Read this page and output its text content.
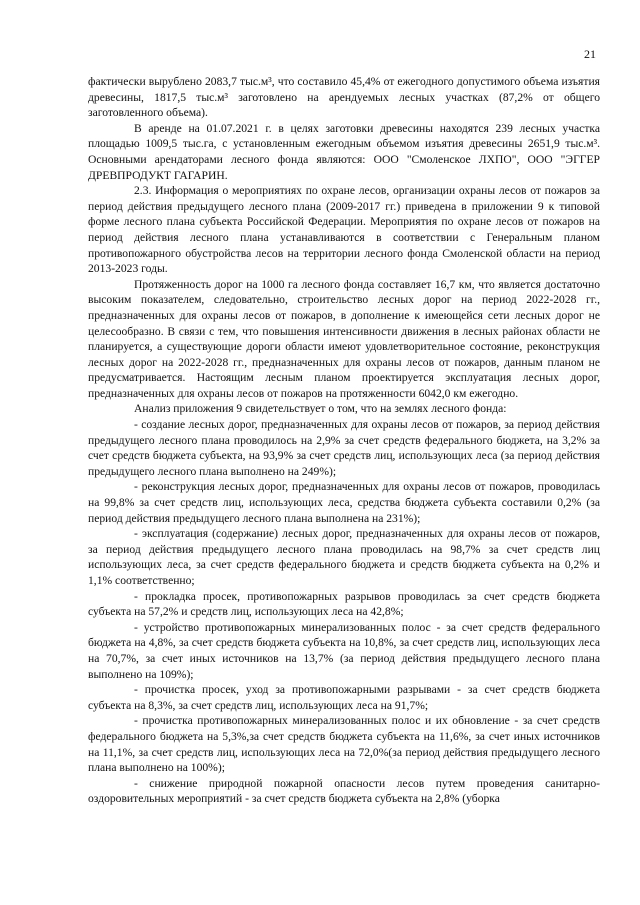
21

фактически вырублено 2083,7 тыс.м³, что составило 45,4% от ежегодного допустимого объема изъятия древесины, 1817,5 тыс.м³ заготовлено на арендуемых лесных участках (87,2% от общего заготовленного объема).

В аренде на 01.07.2021 г. в целях заготовки древесины находятся 239 лесных участка площадью 1009,5 тыс.га, с установленным ежегодным объемом изъятия древесины 2651,9 тыс.м³. Основными арендаторами лесного фонда являются: ООО "Смоленское ЛХПО", ООО "ЭГГЕР ДРЕВПРОДУКТ ГАГАРИН.

2.3. Информация о мероприятиях по охране лесов, организации охраны лесов от пожаров за период действия предыдущего лесного плана (2009-2017 гг.) приведена в приложении 9 к типовой форме лесного плана субъекта Российской Федерации. Мероприятия по охране лесов от пожаров на период действия лесного плана устанавливаются в соответствии с Генеральным планом противопожарного обустройства лесов на территории лесного фонда Смоленской области на период 2013-2023 годы.

Протяженность дорог на 1000 га лесного фонда составляет 16,7 км, что является достаточно высоким показателем, следовательно, строительство лесных дорог на период 2022-2028 гг., предназначенных для охраны лесов от пожаров, в дополнение к имеющейся сети лесных дорог не целесообразно. В связи с тем, что повышения интенсивности движения в лесных районах области не планируется, а существующие дороги области имеют удовлетворительное состояние, реконструкция лесных дорог на 2022-2028 гг., предназначенных для охраны лесов от пожаров, данным планом не предусматривается. Настоящим лесным планом проектируется эксплуатация лесных дорог, предназначенных для охраны лесов от пожаров на протяженности 6042,0 км ежегодно.

Анализ приложения 9 свидетельствует о том, что на землях лесного фонда:

- создание лесных дорог, предназначенных для охраны лесов от пожаров, за период действия предыдущего лесного плана проводилось на 2,9% за счет средств федерального бюджета, на 3,2% за счет средств бюджета субъекта, на 93,9% за счет средств лиц, использующих леса (за период действия предыдущего лесного плана выполнено на 249%);

- реконструкция лесных дорог, предназначенных для охраны лесов от пожаров, проводилась на 99,8% за счет средств лиц, использующих леса, средства бюджета субъекта составили 0,2% (за период действия предыдущего лесного плана выполнена на 231%);

- эксплуатация (содержание) лесных дорог, предназначенных для охраны лесов от пожаров, за период действия предыдущего лесного плана проводилась на 98,7% за счет средств лиц использующих леса, за счет средств федерального бюджета и средств бюджета субъекта на 0,2% и 1,1% соответственно;

- прокладка просек, противопожарных разрывов проводилась за счет средств бюджета субъекта на 57,2% и средств лиц, использующих леса на 42,8%;

- устройство противопожарных минерализованных полос - за счет средств федерального бюджета на 4,8%, за счет средств бюджета субъекта на 10,8%, за счет средств лиц, использующих леса на 70,7%, за счет иных источников на 13,7% (за период действия предыдущего лесного плана выполнено на 109%);

- прочистка просек, уход за противопожарными разрывами - за счет средств бюджета субъекта на 8,3%, за счет средств лиц, использующих леса на 91,7%;

- прочистка противопожарных минерализованных полос и их обновление - за счет средств федерального бюджета на 5,3%,за счет средств бюджета субъекта на 11,6%, за счет иных источников на 11,1%, за счет средств лиц, использующих леса на 72,0%(за период действия предыдущего лесного плана выполнено на 100%);

- снижение природной пожарной опасности лесов путем проведения санитарно-оздоровительных мероприятий - за счет средств бюджета субъекта на 2,8% (уборка
